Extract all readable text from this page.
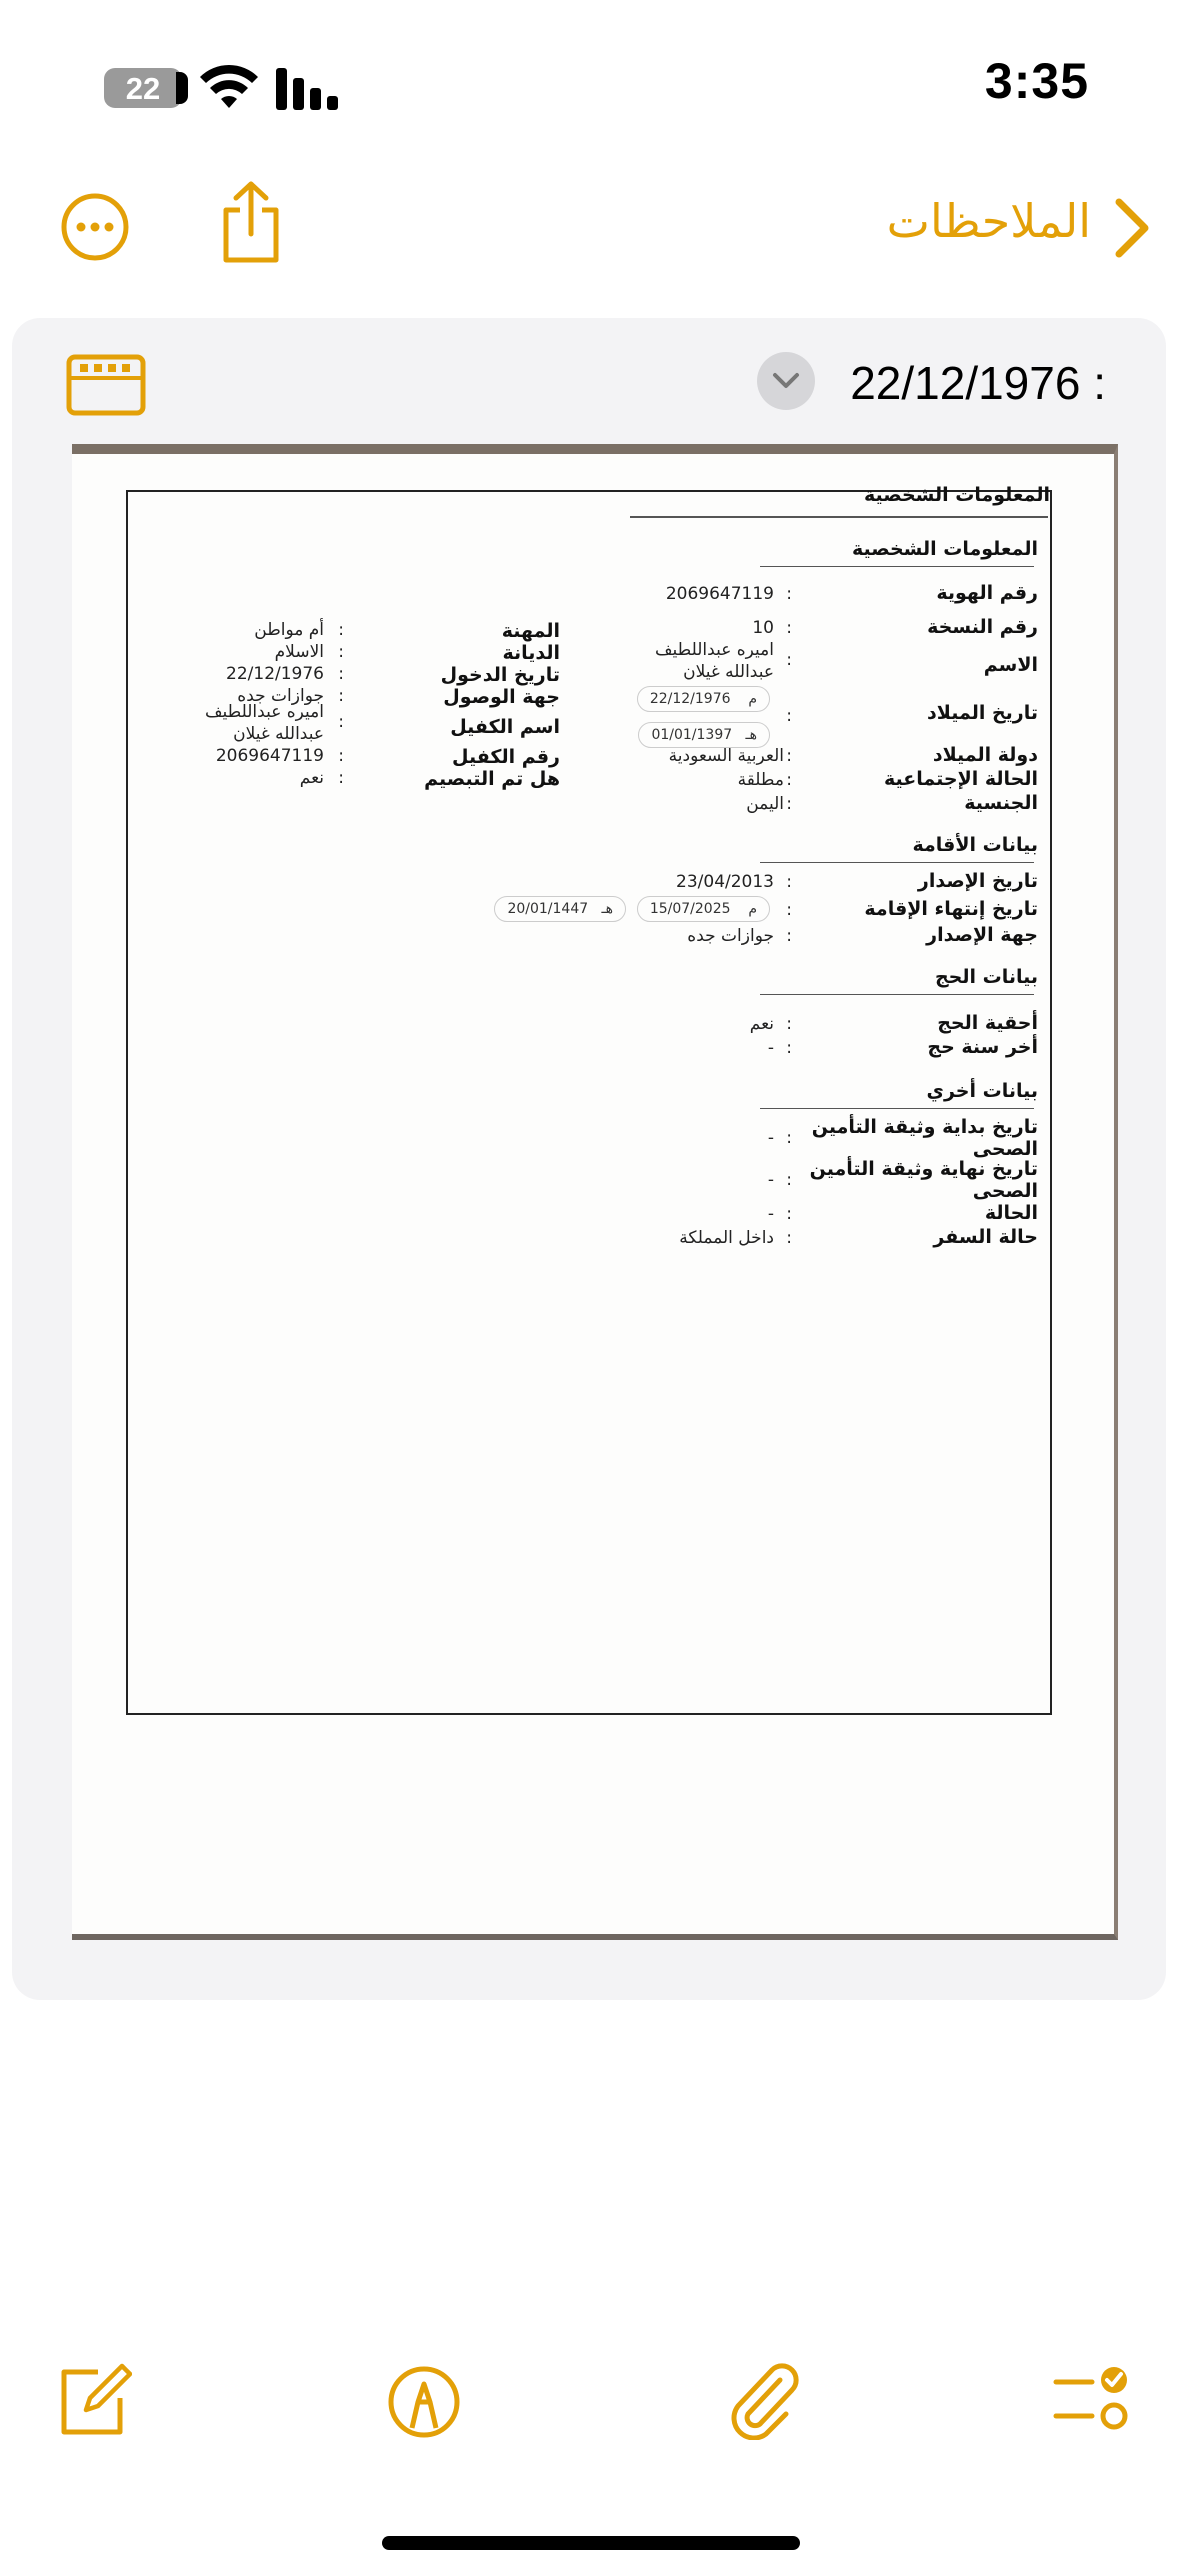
22	3:35
الملاحظات
22/12/1976 :
المعلومات الشخصية
المعلومات الشخصية
رقم الهوية
2069647119 :
رقم النسخة
10 :
الاسم
اميره عبداللطيف
عبدالله غيلان
:
تاريخ الميلاد
م    22/12/1976
هـ   01/01/1397
:
دولة الميلاد
العربية السعودية :
الحالة الإجتماعية
مطلقة :
الجنسية
اليمن :
المهنة
أم مواطن :
الديانة
الاسلام :
تاريخ الدخول
22/12/1976 :
جهة الوصول
جوازات جده :
اسم الكفيل
اميره عبداللطيف
عبدالله غيلان
:
رقم الكفيل
2069647119 :
هل تم التبصيم
نعم :
بيانات الأقامة
تاريخ الإصدار
23/04/2013 :
تاريخ إنتهاء الإقامة
م    15/07/2025
هـ   20/01/1447	:
جهة الإصدار
جوازات جده :
بيانات الحج
أحقية الحج
نعم :
أخر سنة حج
- :
بيانات أخري
تاريخ بداية وثيقة التأمين
الصحى
- :
تاريخ نهاية وثيقة التأمين
الصحى
- :
الحالة
- :
حالة السفر
داخل المملكة :
